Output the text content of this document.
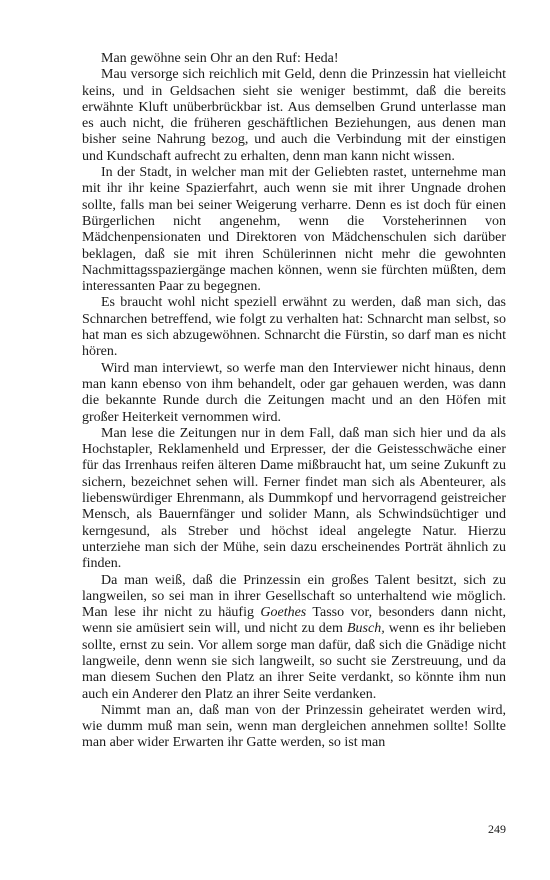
Man gewöhne sein Ohr an den Ruf: Heda!

Mau versorge sich reichlich mit Geld, denn die Prinzessin hat vielleicht keins, und in Geldsachen sieht sie weniger bestimmt, daß die bereits erwähnte Kluft unüberbrückbar ist. Aus demselben Grund unterlasse man es auch nicht, die früheren geschäftlichen Beziehungen, aus denen man bisher seine Nahrung bezog, und auch die Verbindung mit der einstigen und Kundschaft aufrecht zu erhalten, denn man kann nicht wissen.

In der Stadt, in welcher man mit der Geliebten rastet, unternehme man mit ihr ihr keine Spazierfahrt, auch wenn sie mit ihrer Ungnade drohen sollte, falls man bei seiner Weigerung verharre. Denn es ist doch für einen Bürgerlichen nicht angenehm, wenn die Vorsteherinnen von Mädchenpensionaten und Direktoren von Mädchenschulen sich darüber beklagen, daß sie mit ihren Schülerinnen nicht mehr die gewohnten Nachmittagsspaziergänge machen können, wenn sie fürchten müßten, dem interessanten Paar zu begegnen.

Es braucht wohl nicht speziell erwähnt zu werden, daß man sich, das Schnarchen betreffend, wie folgt zu verhalten hat: Schnarcht man selbst, so hat man es sich abzugewöhnen. Schnarcht die Fürstin, so darf man es nicht hören.

Wird man interviewt, so werfe man den Interviewer nicht hinaus, denn man kann ebenso von ihm behandelt, oder gar gehauen werden, was dann die bekannte Runde durch die Zeitungen macht und an den Höfen mit großer Heiterkeit vernommen wird.

Man lese die Zeitungen nur in dem Fall, daß man sich hier und da als Hochstapler, Reklamenheld und Erpresser, der die Geistesschwäche einer für das Irrenhaus reifen älteren Dame mißbraucht hat, um seine Zukunft zu sichern, bezeichnet sehen will. Ferner findet man sich als Abenteurer, als liebenswürdiger Ehrenmann, als Dummkopf und hervorragend geistreicher Mensch, als Bauernfänger und solider Mann, als Schwindsüchtiger und kerngesund, als Streber und höchst ideal angelegte Natur. Hierzu unterziehe man sich der Mühe, sein dazu erscheinendes Porträt ähnlich zu finden.

Da man weiß, daß die Prinzessin ein großes Talent besitzt, sich zu langweilen, so sei man in ihrer Gesellschaft so unterhaltend wie möglich. Man lese ihr nicht zu häufig Goethes Tasso vor, besonders dann nicht, wenn sie amüsiert sein will, und nicht zu dem Busch, wenn es ihr belieben sollte, ernst zu sein. Vor allem sorge man dafür, daß sich die Gnädige nicht langweile, denn wenn sie sich langweilt, so sucht sie Zerstreuung, und da man diesem Suchen den Platz an ihrer Seite verdankt, so könnte ihm nun auch ein Anderer den Platz an ihrer Seite verdanken.

Nimmt man an, daß man von der Prinzessin geheiratet werden wird, wie dumm muß man sein, wenn man dergleichen annehmen sollte! Sollte man aber wider Erwarten ihr Gatte werden, so ist man

249
